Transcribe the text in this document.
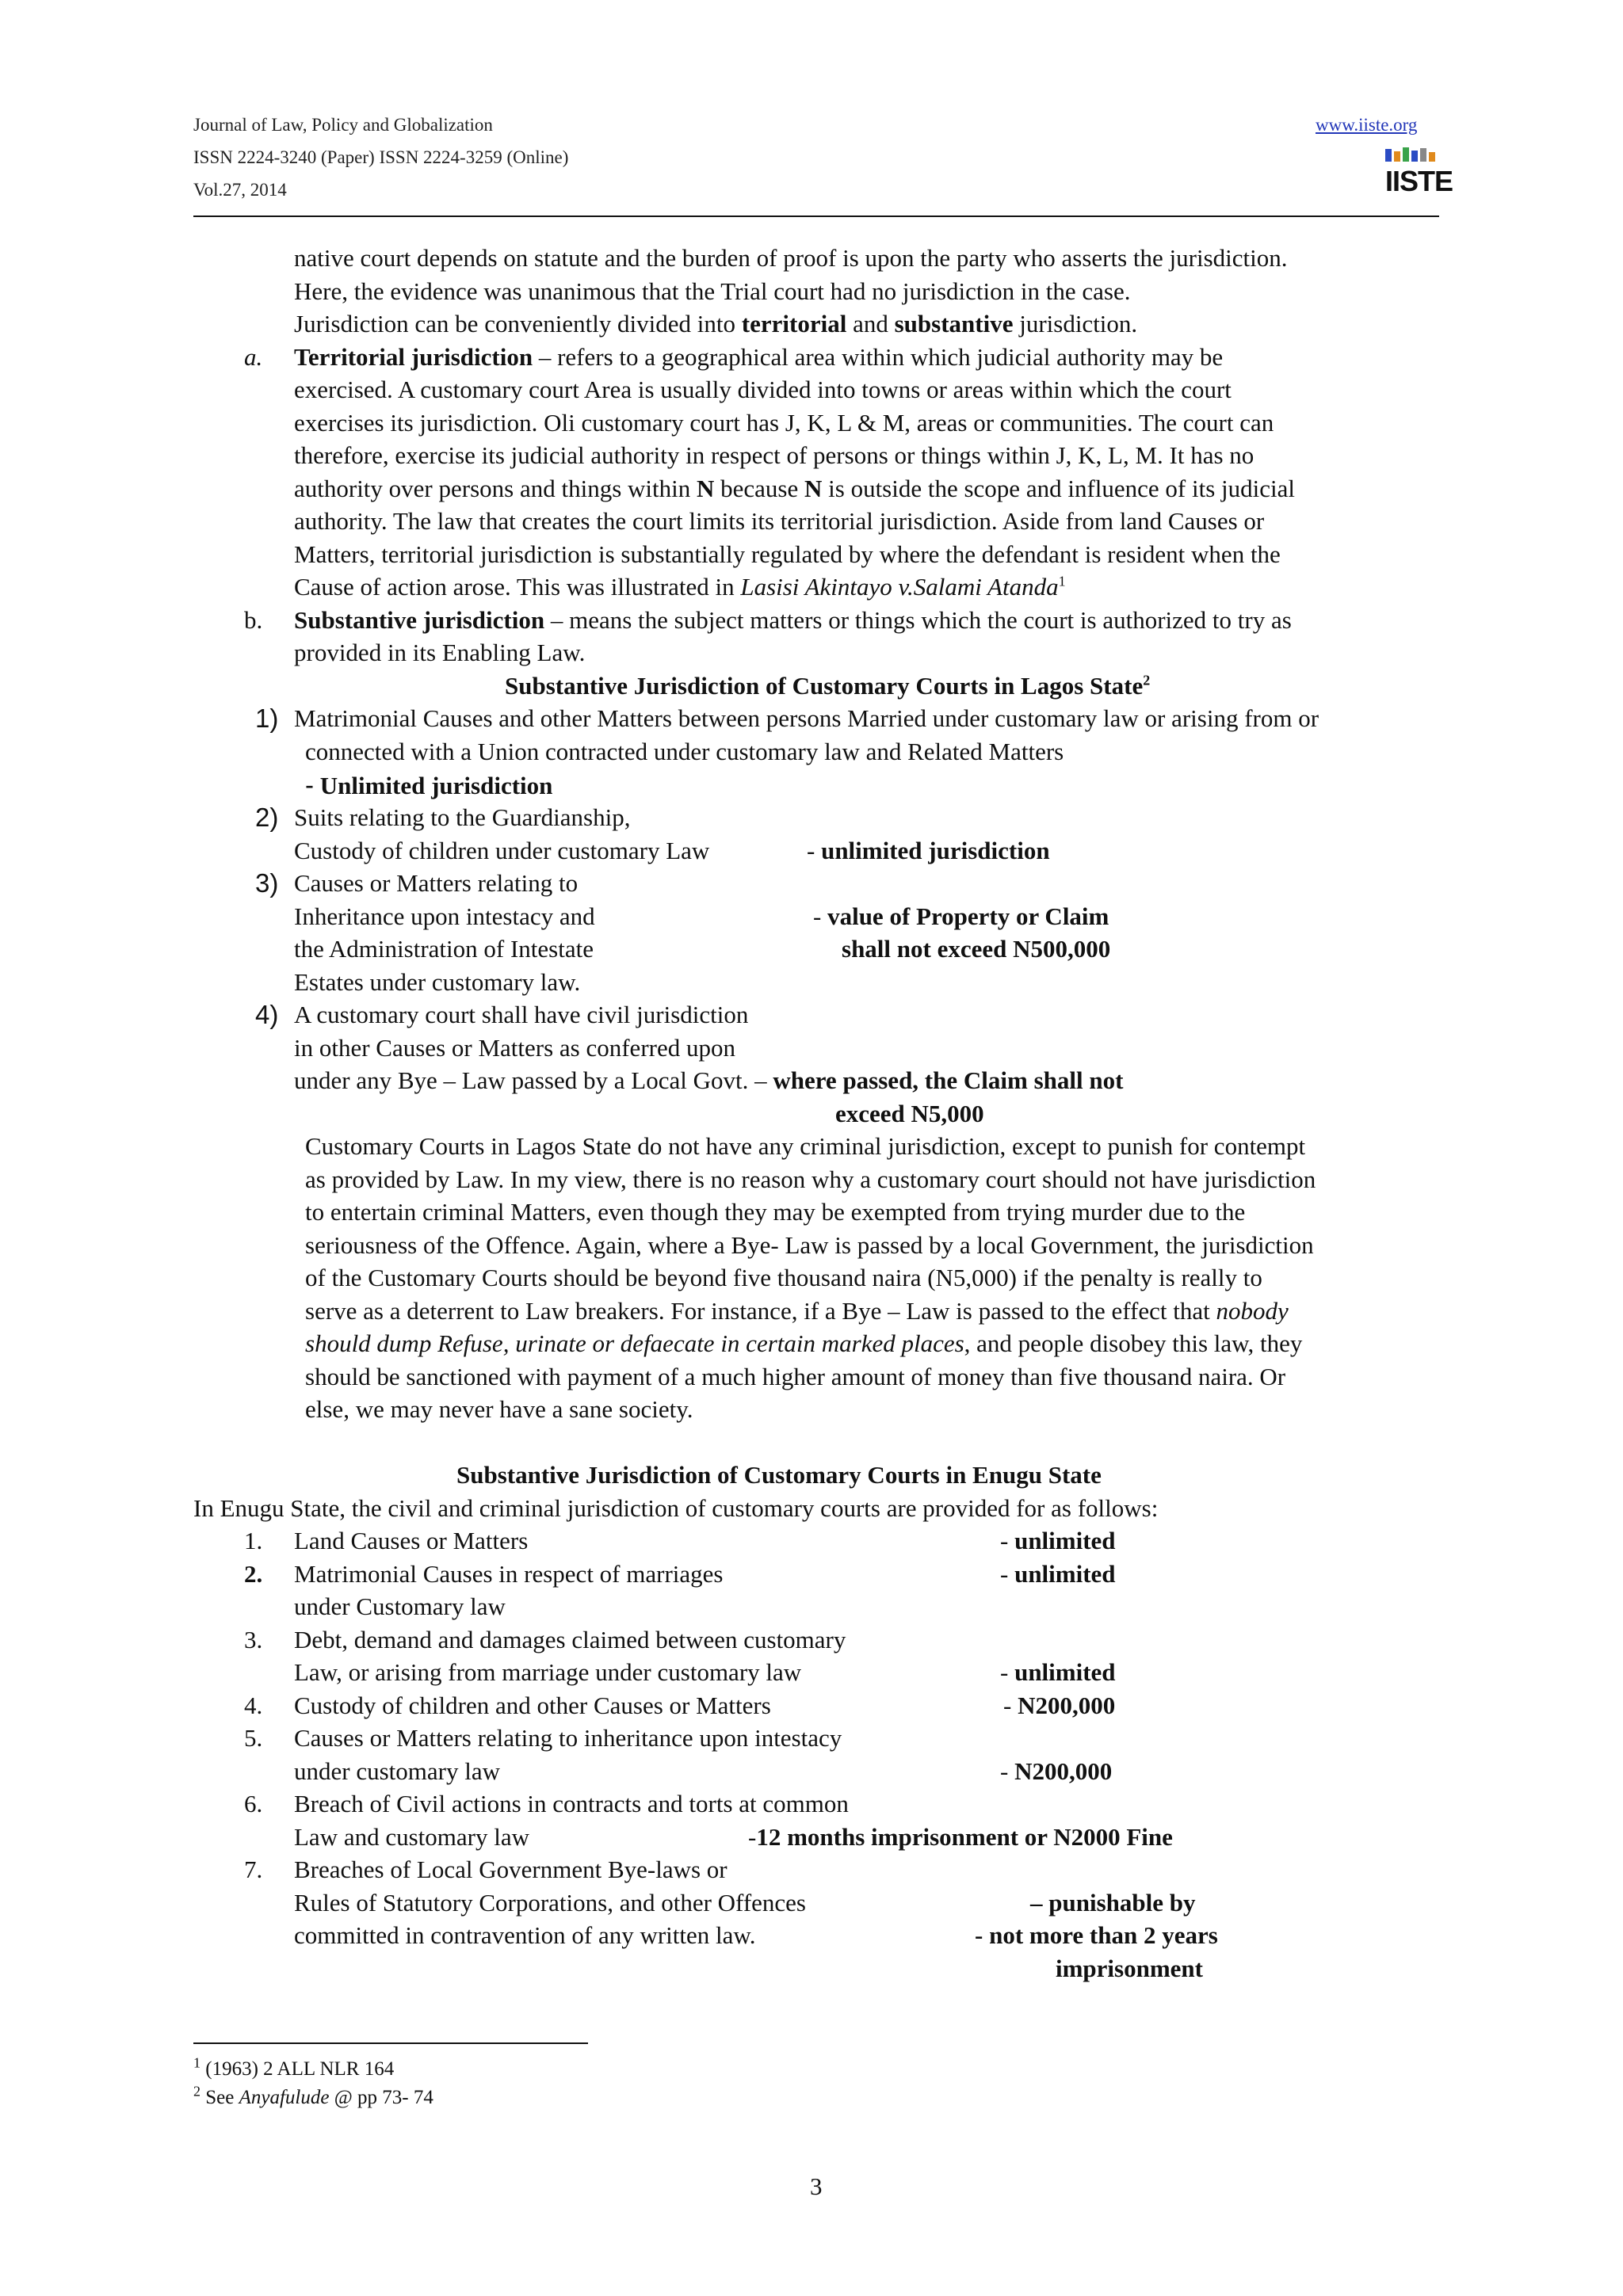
Journal of Law, Policy and Globalization
ISSN 2224-3240 (Paper) ISSN 2224-3259 (Online)
Vol.27, 2014
www.iiste.org
IISTE
native court depends on statute and the burden of proof is upon the party who asserts the jurisdiction.
Here, the evidence was unanimous that the Trial court had no jurisdiction in the case.
Jurisdiction can be conveniently divided into territorial and substantive jurisdiction.
a. Territorial jurisdiction – refers to a geographical area within which judicial authority may be
exercised. A customary court Area is usually divided into towns or areas within which the court
exercises its jurisdiction. Oli customary court has J, K, L & M, areas or communities. The court can
therefore, exercise its judicial authority in respect of persons or things within J, K, L, M. It has no
authority over persons and things within N because N is outside the scope and influence of its judicial
authority. The law that creates the court limits its territorial jurisdiction. Aside from land Causes or
Matters, territorial jurisdiction is substantially regulated by where the defendant is resident when the
Cause of action arose. This was illustrated in Lasisi Akintayo v.Salami Atanda$^1$
b. Substantive jurisdiction – means the subject matters or things which the court is authorized to try as
provided in its Enabling Law.
Substantive Jurisdiction of Customary Courts in Lagos State$^2$
1) Matrimonial Causes and other Matters between persons Married under customary law or arising from or
connected with a Union contracted under customary law and Related Matters
- Unlimited jurisdiction
2) Suits relating to the Guardianship,
Custody of children under customary Law	- unlimited jurisdiction
3) Causes or Matters relating to
Inheritance upon intestacy and	- value of Property or Claim
the Administration of Intestate	shall not exceed N500,000
Estates under customary law.
4) A customary court shall have civil jurisdiction
in other Causes or Matters as conferred upon
under any Bye – Law passed by a Local Govt. – where passed, the Claim shall not
exceed N5,000
Customary Courts in Lagos State do not have any criminal jurisdiction, except to punish for contempt
as provided by Law. In my view, there is no reason why a customary court should not have jurisdiction
to entertain criminal Matters, even though they may be exempted from trying murder due to the
seriousness of the Offence. Again, where a Bye- Law is passed by a local Government, the jurisdiction
of the Customary Courts should be beyond five thousand naira (N5,000) if the penalty is really to
serve as a deterrent to Law breakers. For instance, if a Bye – Law is passed to the effect that nobody
should dump Refuse, urinate or defaecate in certain marked places, and people disobey this law, they
should be sanctioned with payment of a much higher amount of money than five thousand naira. Or
else, we may never have a sane society.
Substantive Jurisdiction of Customary Courts in Enugu State
In Enugu State, the civil and criminal jurisdiction of customary courts are provided for as follows:
1. Land Causes or Matters	- unlimited
2. Matrimonial Causes in respect of marriages	- unlimited
under Customary law
3. Debt, demand and damages claimed between customary
Law, or arising from marriage under customary law	- unlimited
4. Custody of children and other Causes or Matters	- N200,000
5. Causes or Matters relating to inheritance upon intestacy
under customary law	- N200,000
6. Breach of Civil actions in contracts and torts at common
Law and customary law	-12 months imprisonment or N2000 Fine
7. Breaches of Local Government Bye-laws or
Rules of Statutory Corporations, and other Offences	– punishable by
committed in contravention of any written law.	- not more than 2 years
imprisonment
$^1$ (1963) 2 ALL NLR 164
$^2$ See Anyafulude @ pp 73- 74
3
